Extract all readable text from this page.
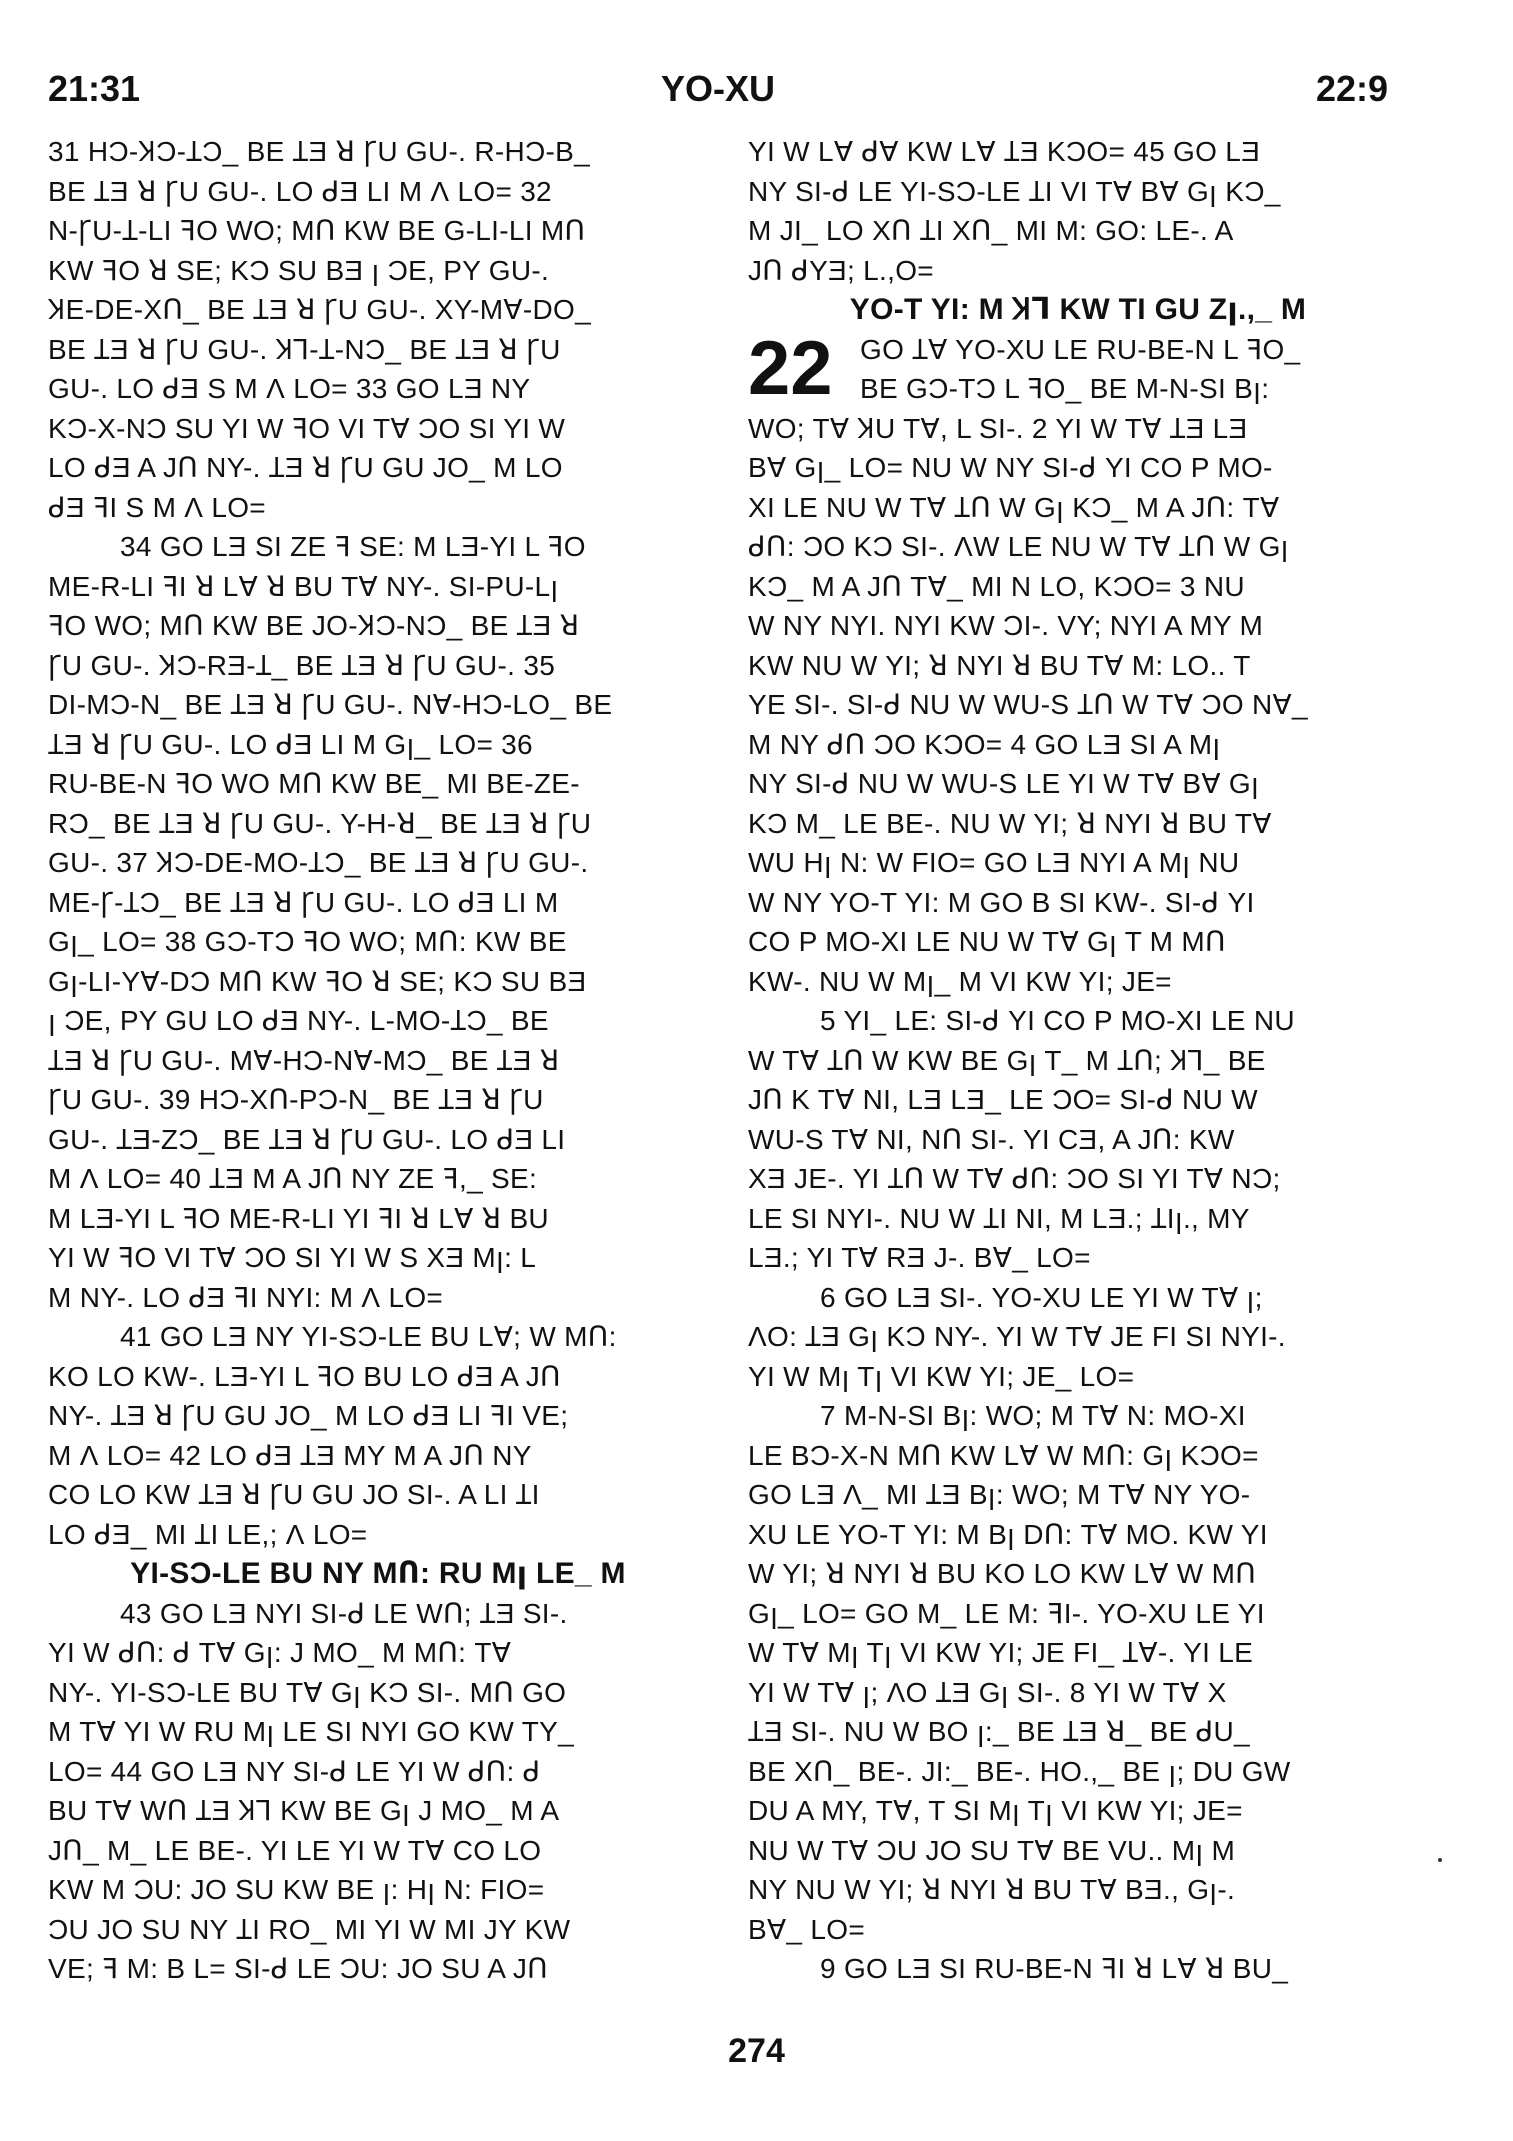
21:31	YO-XU	22:9
31 HƆ-ꞰƆ-ꞱƆ_ BE ꞱƎ ꓤ ꞄU GU-. R-HƆ-B_
BE ꞱƎ ꓤ ꞄU GU-. LO ᑯƎ LI M Ʌ LO= 32
N-ꞄU-Ʇ-LI ꟻO WO; MՈ KW BE G-LI-LI MՈ
KW ꟻO ꓤ SE; KƆ SU BƎ ꞁ ƆE, PY GU-.
ꞰE-DE-XՈ_ BE ꞱƎ ꓤ ꞄU GU-. XY-MⱯ-DO_
BE ꞱƎ ꓤ ꞄU GU-. ꞰꞀ-Ʇ-NƆ_ BE ꞱƎ ꓤ ꞄU
GU-. LO ᑯƎ S M Ʌ LO= 33 GO LƎ NY
KƆ-X-NƆ SU YI W ꟻO VI TⱯ ƆO SI YI W
LO ᑯƎ A JՈ NY-. ꞱƎ ꓤ ꞄU GU JO_ M LO
ᑯƎ ꟻI S M Ʌ LO=
34 GO LƎ SI ZE ꟻ SE: M LƎ-YI L ꟻO
ME-R-LI ꟻI ꓤ LⱯ ꓤ BU TⱯ NY-. SI-PU-Lꞁ
ꟻO WO; MՈ KW BE JO-ꞰƆ-NƆ_ BE ꞱƎ ꓤ
ꞄU GU-. ꞰƆ-RƎ-Ʇ_ BE ꞱƎ ꓤ ꞄU GU-. 35
DI-MƆ-N_ BE ꞱƎ ꓤ ꞄU GU-. NⱯ-HƆ-LO_ BE
ꞱƎ ꓤ ꞄU GU-. LO ᑯƎ LI M Gꞁ_ LO= 36
RU-BE-N ꟻO WO MՈ KW BE_ MI BE-ZE-
RƆ_ BE ꞱƎ ꓤ ꞄU GU-. Y-H-ꓤ_ BE ꞱƎ ꓤ ꞄU
GU-. 37 ꞰƆ-DE-MO-ꞱƆ_ BE ꞱƎ ꓤ ꞄU GU-.
ME-Ꞅ-ꞱƆ_ BE ꞱƎ ꓤ ꞄU GU-. LO ᑯƎ LI M
Gꞁ_ LO= 38 GƆ-TƆ ꟻO WO; MՈ: KW BE
Gꞁ-LI-YⱯ-DƆ MՈ KW ꟻO ꓤ SE; KƆ SU BƎ
ꞁ ƆE, PY GU LO ᑯƎ NY-. L-MO-ꞱƆ_ BE
ꞱƎ ꓤ ꞄU GU-. MⱯ-HƆ-NⱯ-MƆ_ BE ꞱƎ ꓤ
ꞄU GU-. 39 HƆ-XՈ-PƆ-N_ BE ꞱƎ ꓤ ꞄU
GU-. ꞱƎ-ZƆ_ BE ꞱƎ ꓤ ꞄU GU-. LO ᑯƎ LI
M Ʌ LO= 40 ꞱƎ M A JՈ NY ZE ꟻ,_ SE:
M LƎ-YI L ꟻO ME-R-LI YI ꟻI ꓤ LⱯ ꓤ BU
YI W ꟻO VI TⱯ ƆO SI YI W S XƎ Mꞁ: L
M NY-. LO ᑯƎ ꟻI NYI: M Ʌ LO=
41 GO LƎ NY YI-SƆ-LE BU LⱯ; W MՈ:
KO LO KW-. LƎ-YI L ꟻO BU LO ᑯƎ A JՈ
NY-. ꞱƎ ꓤ ꞄU GU JO_ M LO ᑯƎ LI ꟻI VE;
M Ʌ LO= 42 LO ᑯƎ ꞱƎ MY M A JՈ NY
CO LO KW ꞱƎ ꓤ ꞄU GU JO SI-. A LI ꞱI
LO ᑯƎ_ MI ꞱI LE,; Ʌ LO=
YI-SƆ-LE BU NY MՈ: RU Mꞁ LE_ M
43 GO LƎ NYI SI-ᑯ LE WՈ; ꞱƎ SI-.
YI W ᑯՈ: ᑯ TⱯ Gꞁ: J MO_ M MՈ: TⱯ
NY-. YI-SƆ-LE BU TⱯ Gꞁ KƆ SI-. MՈ GO
M TⱯ YI W RU Mꞁ LE SI NYI GO KW TY_
LO= 44 GO LƎ NY SI-ᑯ LE YI W ᑯՈ: ᑯ
BU TⱯ WՈ ꞱƎ ꞰꞀ KW BE Gꞁ J MO_ M A
JՈ_ M_ LE BE-. YI LE YI W TⱯ CO LO
KW M ƆU: JO SU KW BE ꞁ: Hꞁ N: FIO=
ƆU JO SU NY ꞱI RO_ MI YI W MI JY KW
VE; ꟻ M: B L= SI-ᑯ LE ƆU: JO SU A JՈ
YI W LⱯ ᑯⱯ KW LⱯ ꞱƎ KƆO= 45 GO LƎ
NY SI-ᑯ LE YI-SƆ-LE ꞱI VI TⱯ BⱯ Gꞁ KƆ_
M JI_ LO XՈ ꞱI XՈ_ MI M: GO: LE-. A
JՈ ᑯYƎ; L.,O=
YO-T YI: M ꞰꞀ KW TI GU Zꞁ.,_ M
22 GO ꞱⱯ YO-XU LE RU-BE-N L ꟻO_
BE GƆ-TƆ L ꟻO_ BE M-N-SI Bꞁ:
WO; TⱯ ꞰU TⱯ, L SI-. 2 YI W TⱯ ꞱƎ LƎ
BⱯ Gꞁ_ LO= NU W NY SI-ᑯ YI CO P MO-
XI LE NU W TⱯ ꞱՈ W Gꞁ KƆ_ M A JՈ: TⱯ
ᑯՈ: ƆO KƆ SI-. ɅW LE NU W TⱯ ꞱՈ W Gꞁ
KƆ_ M A JՈ TⱯ_ MI N LO, KƆO= 3 NU
W NY NYI. NYI KW ƆI-. VY; NYI A MY M
KW NU W YI; ꓤ NYI ꓤ BU TⱯ M: LO.. T
YE SI-. SI-ᑯ NU W WU-S ꞱՈ W TⱯ ƆO NⱯ_
M NY ᑯՈ ƆO KƆO= 4 GO LƎ SI A Mꞁ
NY SI-ᑯ NU W WU-S LE YI W TⱯ BⱯ Gꞁ
KƆ M_ LE BE-. NU W YI; ꓤ NYI ꓤ BU TⱯ
WU Hꞁ N: W FIO= GO LƎ NYI A Mꞁ NU
W NY YO-T YI: M GO B SI KW-. SI-ᑯ YI
CO P MO-XI LE NU W TⱯ Gꞁ T M MՈ
KW-. NU W Mꞁ_ M VI KW YI; JE=
5 YI_ LE: SI-ᑯ YI CO P MO-XI LE NU
W TⱯ ꞱՈ W KW BE Gꞁ T_ M ꞱՈ; ꞰꞀ_ BE
JՈ K TⱯ NI, LƎ LƎ_ LE ƆO= SI-ᑯ NU W
WU-S TⱯ NI, NՈ SI-. YI CƎ, A JՈ: KW
XƎ JE-. YI ꞱՈ W TⱯ ᑯՈ: ƆO SI YI TⱯ NƆ;
LE SI NYI-. NU W ꞱI NI, M LƎ.; ꞱIꞁ., MY
LƎ.; YI TⱯ RƎ J-. BⱯ_ LO=
6 GO LƎ SI-. YO-XU LE YI W TⱯ ꞁ;
ɅO: ꞱƎ Gꞁ KƆ NY-. YI W TⱯ JE FI SI NYI-.
YI W Mꞁ Tꞁ VI KW YI; JE_ LO=
7 M-N-SI Bꞁ: WO; M TⱯ N: MO-XI
LE BƆ-X-N MՈ KW LⱯ W MՈ: Gꞁ KƆO=
GO LƎ Ʌ_ MI ꞱƎ Bꞁ: WO; M TⱯ NY YO-
XU LE YO-T YI: M Bꞁ DՈ: TⱯ MO. KW YI
W YI; ꓤ NYI ꓤ BU KO LO KW LⱯ W MՈ
Gꞁ_ LO= GO M_ LE M: ꟻI-. YO-XU LE YI
W TⱯ Mꞁ Tꞁ VI KW YI; JE FI_ ꞱⱯ-. YI LE
YI W TⱯ ꞁ; ɅO ꞱƎ Gꞁ SI-. 8 YI W TⱯ X
ꞱƎ SI-. NU W BO ꞁ:_ BE ꞱƎ ꓤ_ BE ᑯU_
BE XՈ_ BE-. JI:_ BE-. HO.,_ BE ꞁ; DU GW
DU A MY, TⱯ, T SI Mꞁ Tꞁ VI KW YI; JE=
NU W TⱯ ƆU JO SU TⱯ BE VU.. Mꞁ M
NY NU W YI; ꓤ NYI ꓤ BU TⱯ BƎ., Gꞁ-.
BⱯ_ LO=
9 GO LƎ SI RU-BE-N ꟻI ꓤ LⱯ ꓤ BU_
274
